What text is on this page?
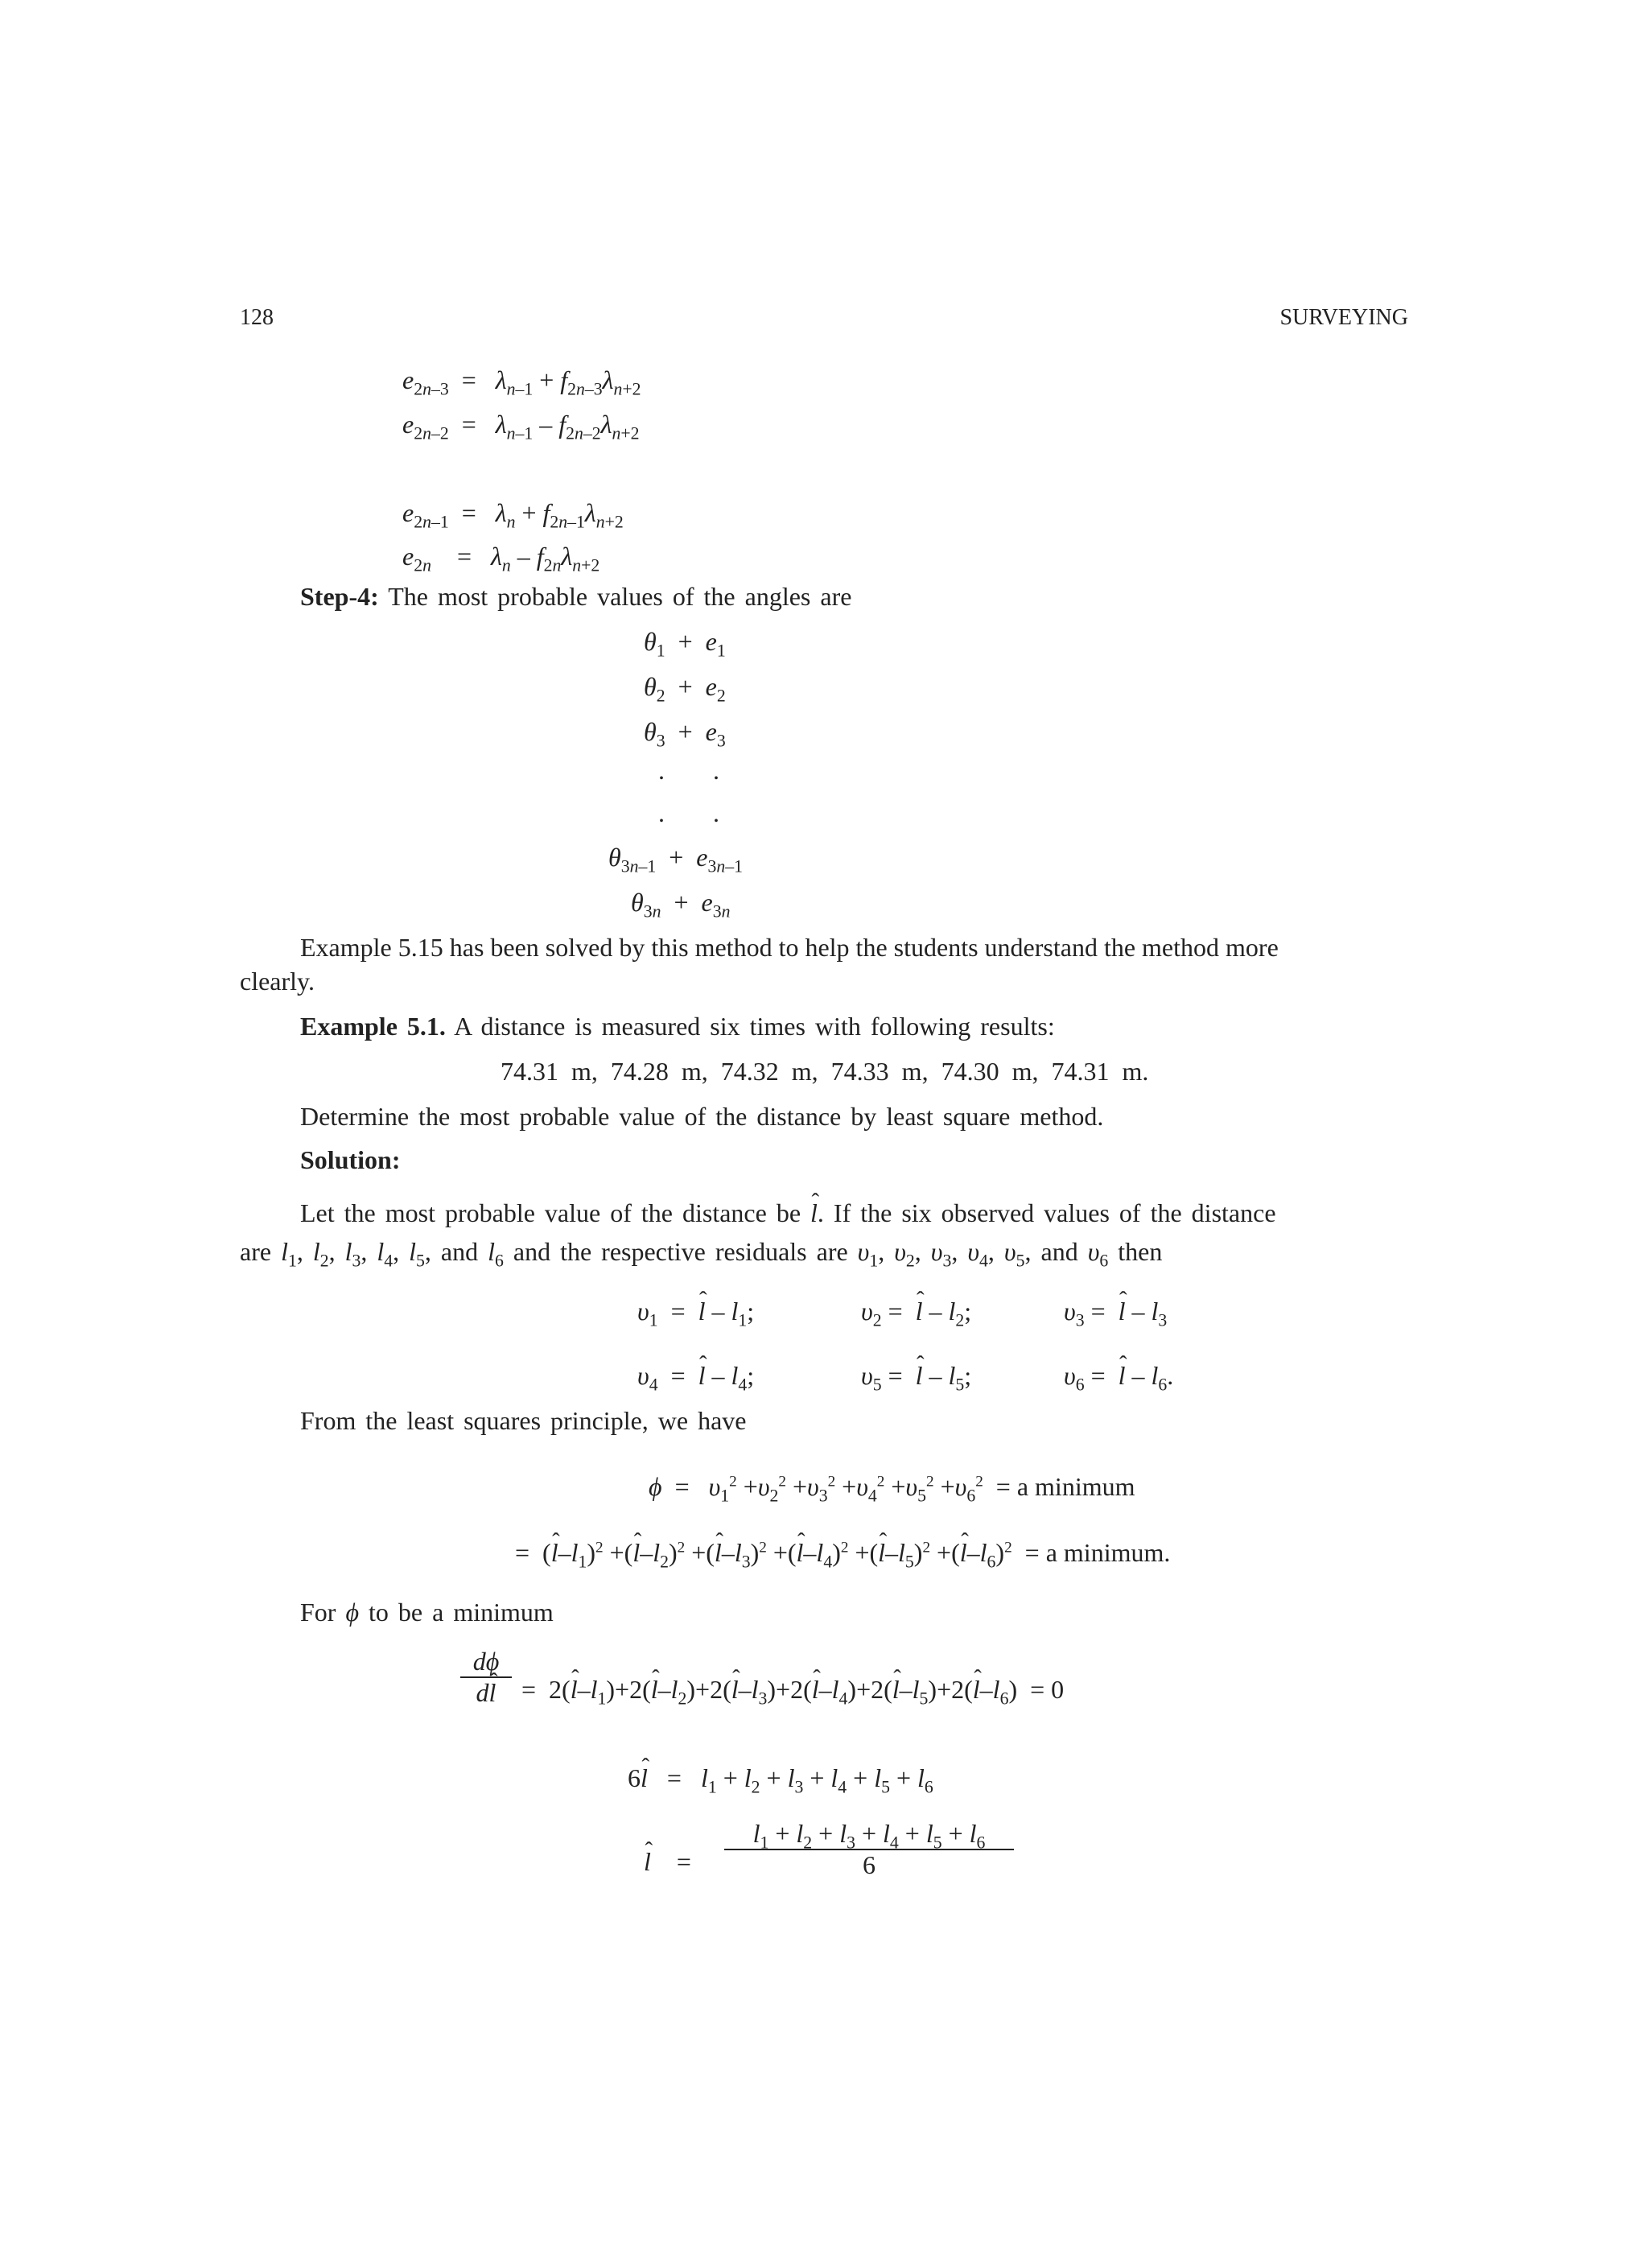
128	SURVEYING
$e_{2n-3} = \lambda_{n-1} + f_{2n-3}\lambda_{n+2}$
$e_{2n-2} = \lambda_{n-1} - f_{2n-2}\lambda_{n+2}$
$e_{2n-1} = \lambda_n + f_{2n-1}\lambda_{n+2}$
$e_{2n}$    =   $\lambda_n - f_{2n}\lambda_{n+2}$
Step-4: The most probable values of the angles are
$\theta_1 + e_1$
$\theta_2 + e_2$
$\theta_3 + e_3$
. .
. .
$\theta_{3n-1} + e_{3n-1}$
$\theta_{3n} + e_{3n}$
Example 5.15 has been solved by this method to help the students understand the method more
clearly.
Example 5.1. A distance is measured six times with following results:
74.31  m,  74.28  m,  74.32  m,  74.33  m,  74.30  m,  74.31  m.
Determine the most probable value of the distance by least square method.
Solution:
Let the most probable value of the distance be ˆ l. If the six observed values of the distance
are $l_1$, $l_2$, $l_3$, $l_4$, $l_5$, and $l_6$ and the respective residuals are $\upsilon_1$, $\upsilon_2$, $\upsilon_3$, $\upsilon_4$, $\upsilon_5$, and $\upsilon_6$ then
$\upsilon_1$  =  ˆ l – $l_1$;	$\upsilon_2$ =  ˆ l – $l_2$;	$\upsilon_3$ =  ˆ l – $l_3$
$\upsilon_4$  =  ˆ l – $l_4$;	$\upsilon_5$ =  ˆ l – $l_5$;	$\upsilon_6$ =  ˆ l – $l_6$.
From the least squares principle, we have
$\phi = \upsilon_1^2 +\upsilon_2^2 +\upsilon_3^2 +\upsilon_4^2 +\upsilon_5^2 +\upsilon_6^2 = a$ minimum
=  (ˆ $l-l_1)^2$ +(ˆ $l-l_2)^2$ +(ˆ $l-l_3)^2$ +(ˆ $l-l_4)^2$ +(ˆ $l-l_5)^2$ +(ˆ $l-l_6)^2 = a$ minimum.
For ϕ to be a minimum
dϕ
dˆ l =  2(ˆ $l-l_1)+2(ˆ$ $l-l_2)+2(ˆ$ $l-l_3)+2(ˆ$ $l-l_4)+2(ˆ$ $l-l_5)+2(ˆ$ $l-l_6) = 0$
6ˆ $l = l_1 + l_2 + l_3 + l_4 + l_5 + l_6$
ˆ l    =
$l_1 + l_2 + l_3 + l_4 + l_5 + l_6$
6
